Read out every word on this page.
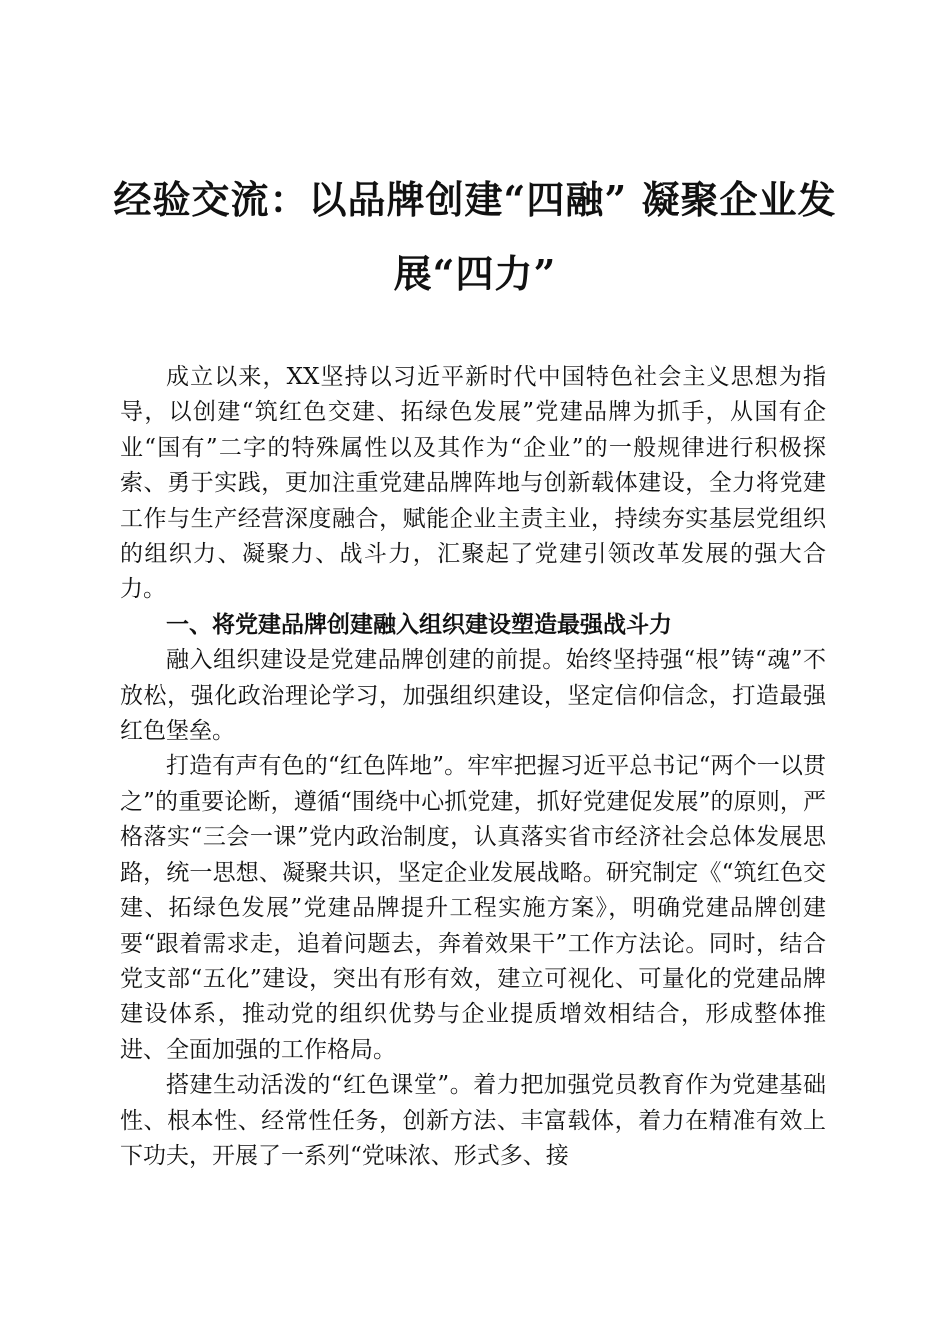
经验交流：以品牌创建“四融” 凝聚企业发
展“四力”

成立以来，XX坚持以习近平新时代中国特色社会主义思想为指导，以创建“筑红色交建、拓绿色发展”党建品牌为抓手，从国有企业“国有”二字的特殊属性以及其作为“企业”的一般规律进行积极探索、勇于实践，更加注重党建品牌阵地与创新载体建设，全力将党建工作与生产经营深度融合，赋能企业主责主业，持续夯实基层党组织的组织力、凝聚力、战斗力，汇聚起了党建引领改革发展的强大合力。

一、将党建品牌创建融入组织建设塑造最强战斗力

融入组织建设是党建品牌创建的前提。始终坚持强“根”铸“魂”不放松，强化政治理论学习，加强组织建设，坚定信仰信念，打造最强红色堡垒。

打造有声有色的“红色阵地”。牢牢把握习近平总书记“两个一以贯之”的重要论断，遵循“围绕中心抓党建，抓好党建促发展”的原则，严格落实“三会一课”党内政治制度，认真落实省市经济社会总体发展思路，统一思想、凝聚共识，坚定企业发展战略。研究制定《“筑红色交建、拓绿色发展”党建品牌提升工程实施方案》，明确党建品牌创建要“跟着需求走，追着问题去，奔着效果干”工作方法论。同时，结合党支部“五化”建设，突出有形有效，建立可视化、可量化的党建品牌建设体系，推动党的组织优势与企业提质增效相结合，形成整体推进、全面加强的工作格局。

搭建生动活泼的“红色课堂”。着力把加强党员教育作为党建基础性、根本性、经常性任务，创新方法、丰富载体，着力在精准有效上下功夫，开展了一系列“党味浓、形式多、接
